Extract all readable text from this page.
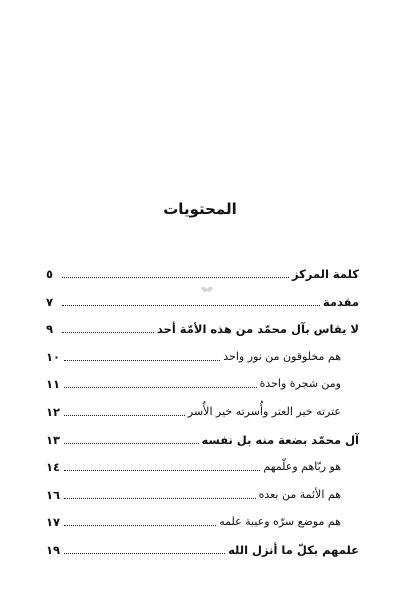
المحتويات
كلمة المركز
٥
مقدمة
٧
لا يقاس بآل محمّد من هذه الأمّة أحد
٩
هم مخلوقون من نور واحد
١٠
ومن شجرة واحدة
١١
عترته خير العتر وأُسرته خير الأُسر
١٢
آل محمّد بضعة منه بل نفسه
١٣
هو ربّاهم وعلّمهم
١٤
هم الأئمة من بعده
١٦
هم موضع سرّه وعيبة علمه
١٧
علمهم بكلّ ما أنزل الله
١٩
